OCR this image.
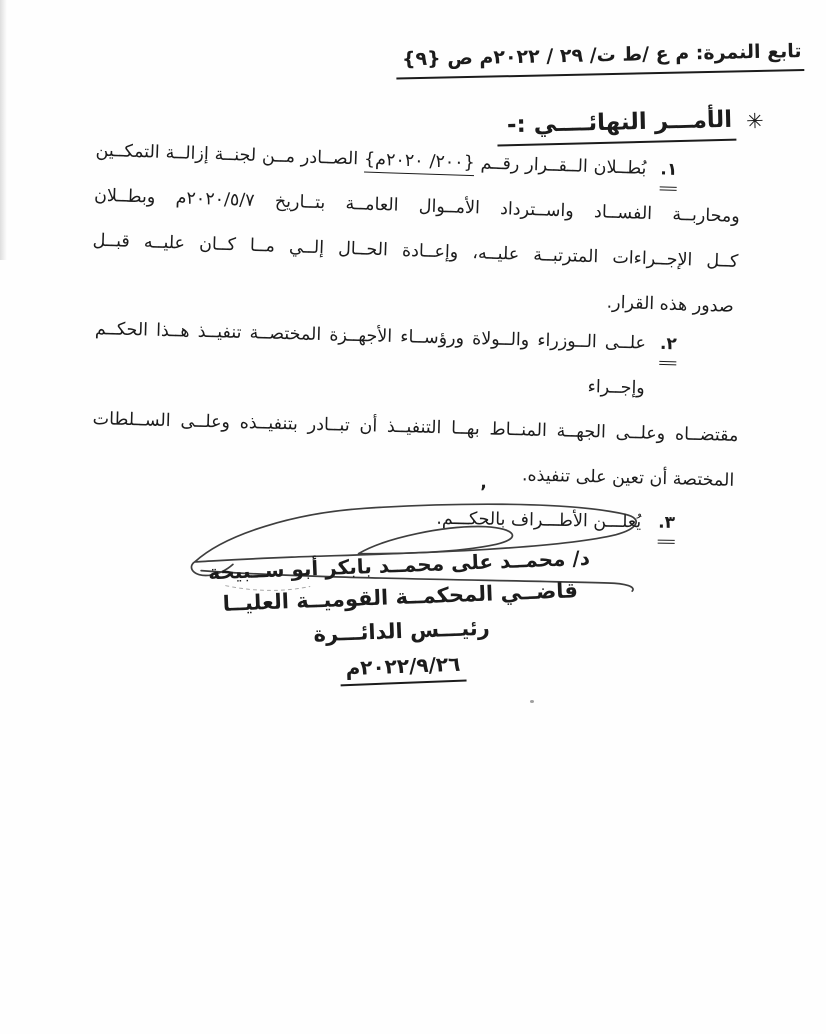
تابع النمرة: م ع /ط ت/ ٢٩ / ٢٠٢٢م ص {٩}
✳
الأمـــر النهائــــي :-
١.
بُطــلان الــقــرار رقــم {٢٠٠/ ٢٠٢٠م} الصــادر مــن لجنــة إزالــة التمكــين
ومحاربــة الفســاد واســترداد الأمــوال العامــة بتــاريخ ٢٠٢٠/٥/٧م وبطــلان
كــل الإجــراءات المترتبــة عليــه، وإعــادة الحــال إلــي مــا كــان عليــه قبــل
صدور هذه القرار.
٢.
علــى الــوزراء والــولاة ورؤســاء الأجهــزة المختصــة تنفيــذ هــذا الحكــم وإجــراء
مقتضــاه وعلــى الجهــة المنــاط بهــا التنفيــذ أن تبــادر بتنفيــذه وعلــى الســلطات
المختصة أن تعين على تنفيذه.
٣.
يُعلـــن الأطـــراف بالحكـــم.
٬
د/ محمــد على محمــد بابكر أبو ســبيحة
قاضــي المحكمــة القوميــة العليــا
رئيـــس الدائـــرة
٢٠٢٢/٩/٢٦م
